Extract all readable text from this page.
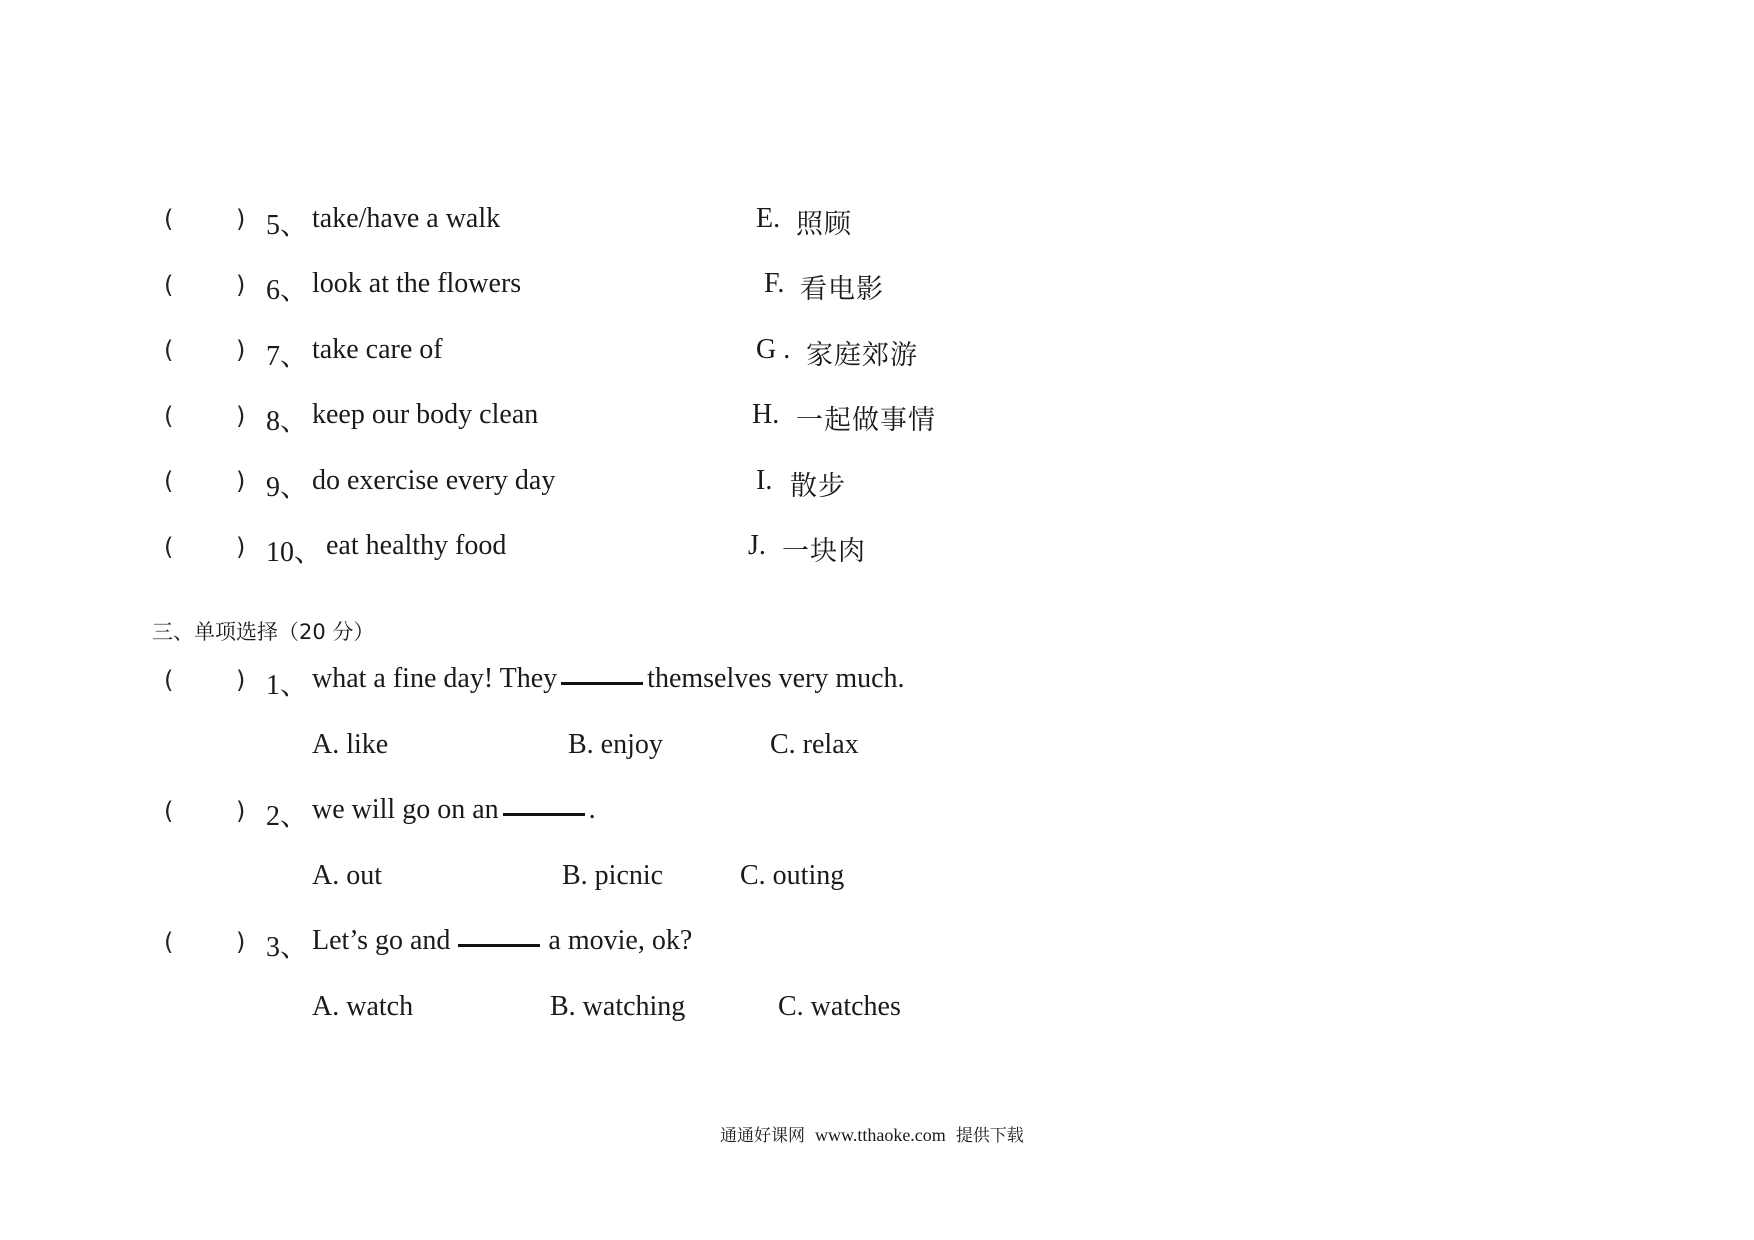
(	) 5、 take/have a walk	E. 照顾
(	) 6、 look at the flowers	F. 看电影
(	) 7、 take care of	G . 家庭郊游
(	) 8、 keep our body clean	H. 一起做事情
(	) 9、 do exercise every day	I. 散步
(	) 10、 eat healthy food	J. 一块肉
三、单项选择（20 分）
(	) 1、 what a fine day! They	themselves very much.
A. like	B. enjoy	C. relax
(	) 2、 we will go on an	.
A. out	B. picnic	C. outing
(	) 3、 Let’s go and	a movie, ok?
A. watch	B. watching	C. watches
通通好课网 www.tthaoke.com 提供下载
